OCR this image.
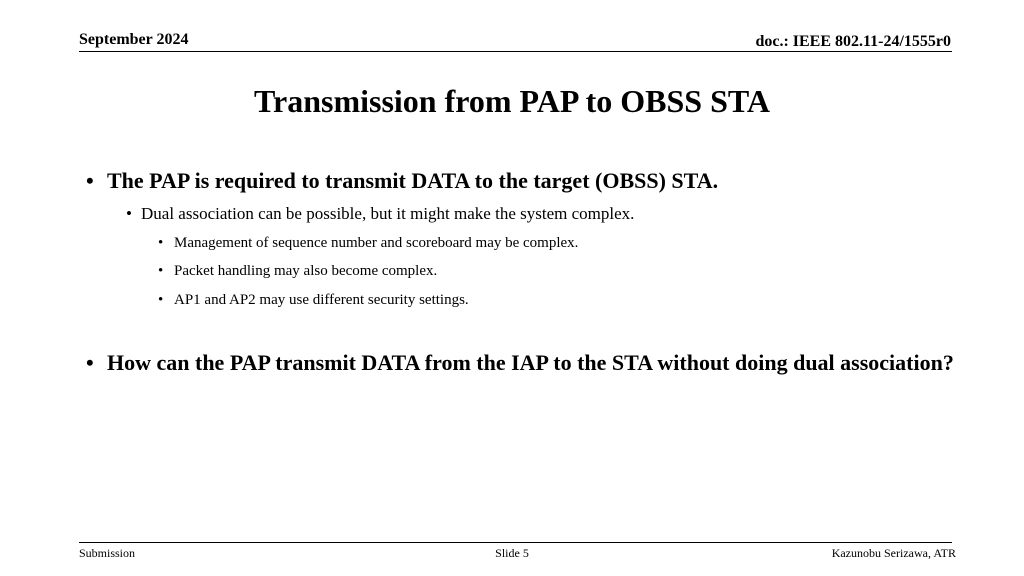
September 2024	doc.: IEEE 802.11-24/1555r0
Transmission from PAP to OBSS STA
• The PAP is required to transmit DATA to the target (OBSS) STA.
• Dual association can be possible, but it might make the system complex.
• Management of sequence number and scoreboard may be complex.
• Packet handling may also become complex.
• AP1 and AP2 may use different security settings.
• How can the PAP transmit DATA from the IAP to the STA without doing dual association?
Submission	Slide 5	Kazunobu Serizawa, ATR
